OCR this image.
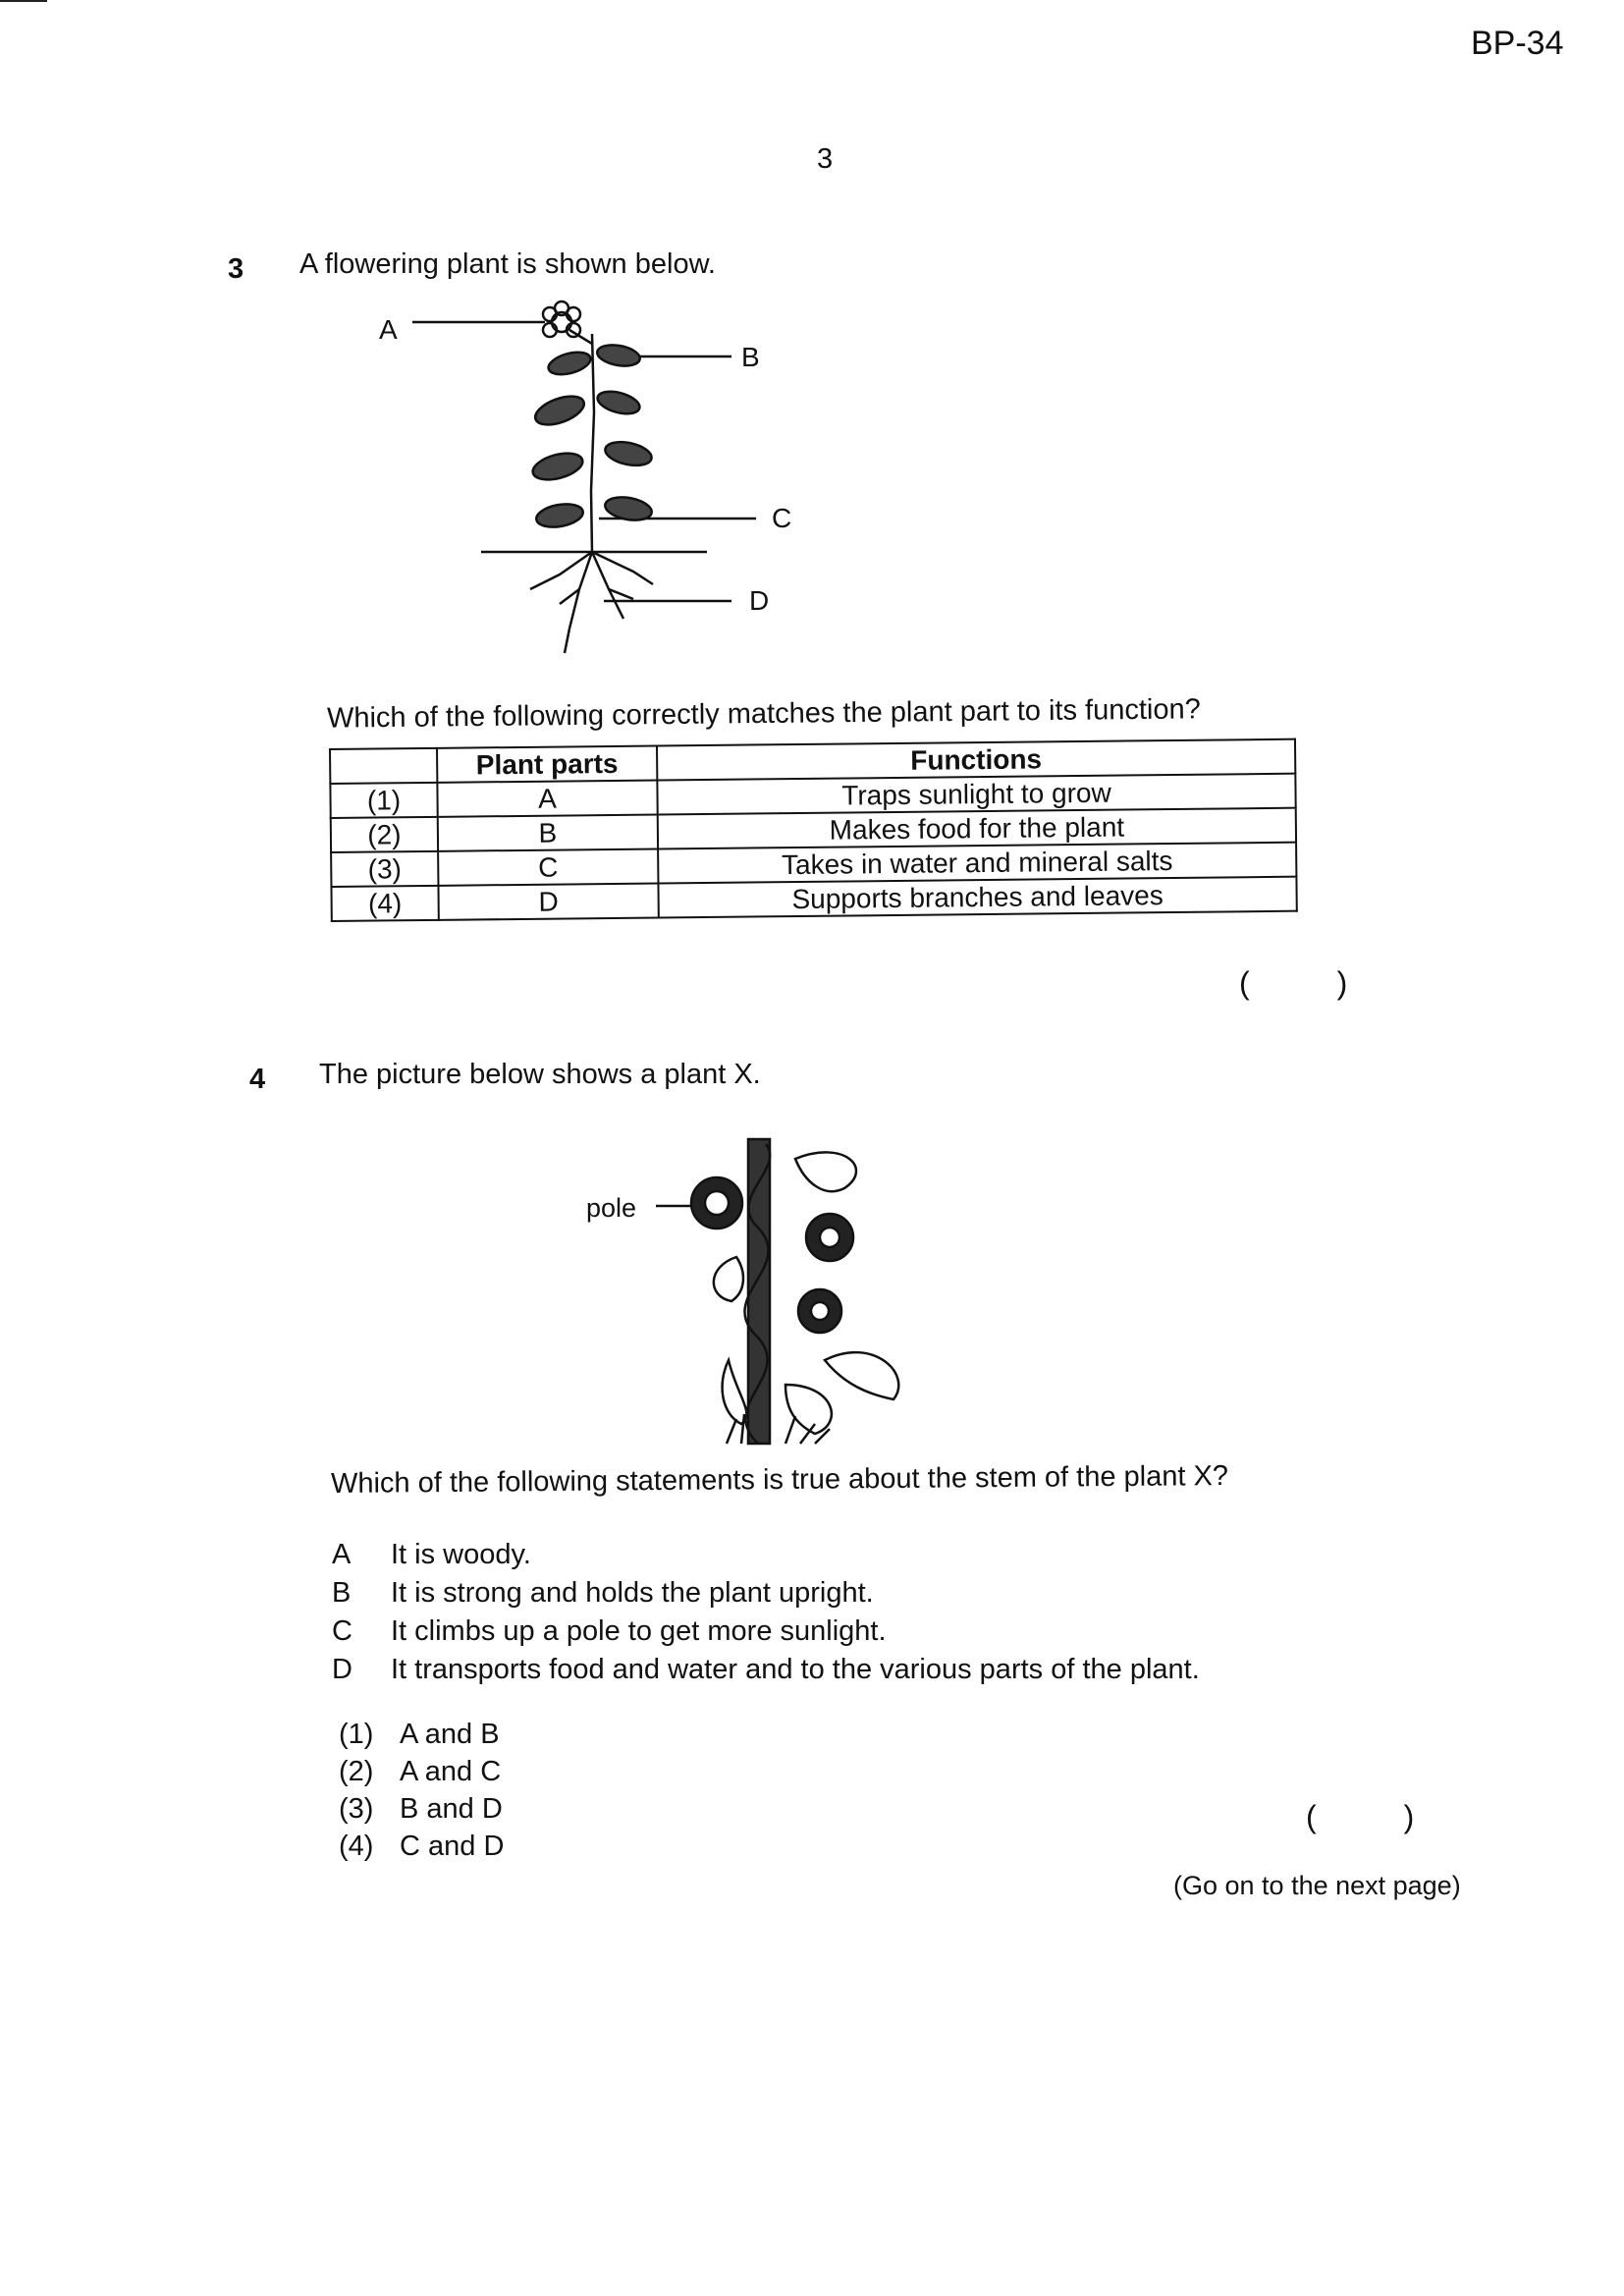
BP-34
3
3 A flowering plant is shown below.
A
B
C
D
Which of the following correctly matches the plant part to its function?
	Plant parts	Functions
(1)	A	Traps sunlight to grow
(2)	B	Makes food for the plant
(3)	C	Takes in water and mineral salts
(4)	D	Supports branches and leaves
(          )
4 The picture below shows a plant X.
pole
Which of the following statements is true about the stem of the plant X?
A	It is woody.
B	It is strong and holds the plant upright.
C	It climbs up a pole to get more sunlight.
D	It transports food and water and to the various parts of the plant.
(1) A and B
(2) A and C
(3) B and D
(4) C and D
(          )
(Go on to the next page)
